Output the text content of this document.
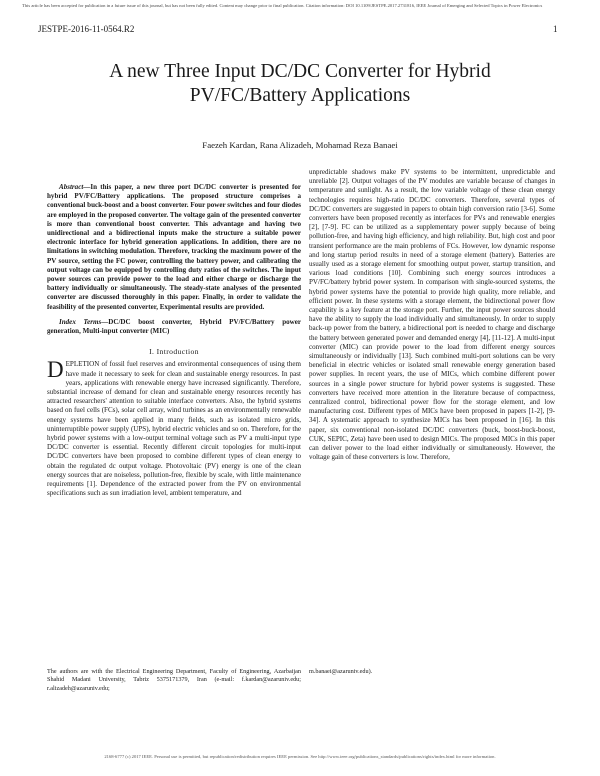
This article has been accepted for publication in a future issue of this journal, but has not been fully edited. Content may change prior to final publication. Citation information: DOI 10.1109/JESTPE.2017.2731816, IEEE Journal of Emerging and Selected Topics in Power Electronics
JESTPE-2016-11-0564.R2	1
A new Three Input DC/DC Converter for Hybrid PV/FC/Battery Applications
Faezeh Kardan, Rana Alizadeh, Mohamad Reza Banaei

Abstract—In this paper, a new three port DC/DC converter is presented for hybrid PV/FC/Battery applications. The proposed structure comprises a conventional buck-boost and a boost converter. Four power switches and four diodes are employed in the proposed converter. The voltage gain of the presented converter is more than conventional boost converter. This advantage and having two unidirectional and a bidirectional inputs make the structure a suitable power electronic interface for hybrid generation applications. In addition, there are no limitations in switching modulation. Therefore, tracking the maximum power of the PV source, setting the FC power, controlling the battery power, and calibrating the output voltage can be equipped by controlling duty ratios of the switches. The input power sources can provide power to the load and either charge or discharge the battery individually or simultaneously. The steady-state analyses of the presented converter are discussed thoroughly in this paper. Finally, in order to validate the feasibility of the presented converter, Experimental results are provided.

Index Terms—DC/DC boost converter, Hybrid PV/FC/Battery power generation, Multi-input converter (MIC)

I. Introduction

DEPLETION of fossil fuel reserves and environmental consequences of using them have made it necessary to seek for clean and sustainable energy resources. In past years, applications with renewable energy have increased significantly. Therefore, substantial increase of demand for clean and sustainable energy resources recently has attracted researchers' attention to suitable interface converters. Also, the hybrid systems based on fuel cells (FCs), solar cell array, wind turbines as an environmentally renewable energy systems have been applied in many fields, such as isolated micro grids, uninterruptible power supply (UPS), hybrid electric vehicles and so on. Therefore, for the hybrid power systems with a low-output terminal voltage such as PV a multi-input type DC/DC converter is essential. Recently different circuit topologies for multi-input DC/DC converters have been proposed to combine different types of clean energy to obtain the regulated dc output voltage. Photovoltaic (PV) energy is one of the clean energy sources that are noiseless, pollution-free, flexible by scale, with little maintenance requirements [1]. Dependence of the extracted power from the PV on environmental specifications such as sun irradiation level, ambient temperature, and

unpredictable shadows make PV systems to be intermittent, unpredictable and unreliable [2]. Output voltages of the PV modules are variable because of changes in temperature and sunlight. As a result, the low variable voltage of these clean energy technologies requires high-ratio DC/DC converters. Therefore, several types of DC/DC converters are suggested in papers to obtain high conversion ratio [3-6]. Some converters have been proposed recently as interfaces for PVs and renewable energies [2], [7-9]. FC can be utilized as a supplementary power supply because of being pollution-free, and having high efficiency, and high reliability. But, high cost and poor transient performance are the main problems of FCs. However, low dynamic response and long startup period results in need of a storage element (battery). Batteries are usually used as a storage element for smoothing output power, startup transition, and various load conditions [10]. Combining such energy sources introduces a PV/FC/battery hybrid power system. In comparison with single-sourced systems, the hybrid power systems have the potential to provide high quality, more reliable, and efficient power. In these systems with a storage element, the bidirectional power flow capability is a key feature at the storage port. Further, the input power sources should have the ability to supply the load individually and simultaneously. In order to supply back-up power from the battery, a bidirectional port is needed to charge and discharge the battery between generated power and demanded energy [4], [11-12]. A multi-input converter (MIC) can provide power to the load from different energy sources simultaneously or individually [13]. Such combined multi-port solutions can be very beneficial in electric vehicles or isolated small renewable energy generation based power supplies. In recent years, the use of MICs, which combine different power sources in a single power structure for hybrid power systems is suggested. These converters have received more attention in the literature because of compactness, centralized control, bidirectional power flow for the storage element, and low manufacturing cost. Different types of MICs have been proposed in papers [1-2], [9-34]. A systematic approach to synthesize MICs has been proposed in [16]. In this paper, six conventional non-isolated DC/DC converters (buck, boost-buck-boost, CUK, SEPIC, Zeta) have been used to design MICs. The proposed MICs in this paper can deliver power to the load either individually or simultaneously. However, the voltage gain of these converters is low. Therefore,

The authors are with the Electrical Engineering Department, Faculty of Engineering, Azarbaijan Shahid Madani University, Tabriz 5375171379, Iran (e-mail: f.kardan@azaruniv.edu; r.alizadeh@azaruniv.edu;
m.banaei@azaruniv.edu).
2168-6777 (c) 2017 IEEE. Personal use is permitted, but republication/redistribution requires IEEE permission. See http://www.ieee.org/publications_standards/publications/rights/index.html for more information.
